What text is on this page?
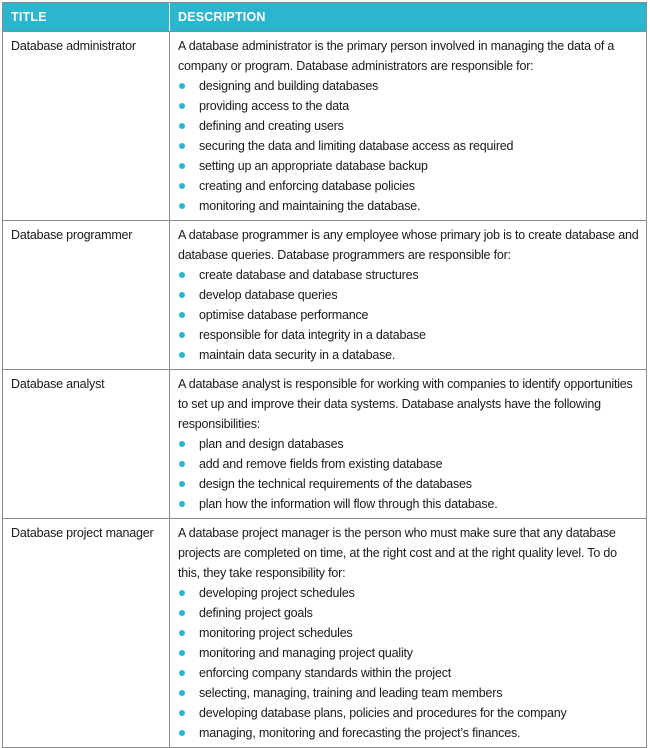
TITLE	DESCRIPTION
Database administrator	A database administrator is the primary person involved in managing the data of a company or program. Database administrators are responsible for:

designing and building databases
providing access to the data
defining and creating users
securing the data and limiting database access as required
setting up an appropriate database backup
creating and enforcing database policies
monitoring and maintaining the database.
Database programmer	A database programmer is any employee whose primary job is to create database and database queries. Database programmers are responsible for:

create database and database structures
develop database queries
optimise database performance
responsible for data integrity in a database
maintain data security in a database.
Database analyst	A database analyst is responsible for working with companies to identify opportunities to set up and improve their data systems. Database analysts have the following responsibilities:

plan and design databases
add and remove fields from existing database
design the technical requirements of the databases
plan how the information will flow through this database.
Database project manager	A database project manager is the person who must make sure that any database projects are completed on time, at the right cost and at the right quality level. To do this, they take responsibility for:

developing project schedules
defining project goals
monitoring project schedules
monitoring and managing project quality
enforcing company standards within the project
selecting, managing, training and leading team members
developing database plans, policies and procedures for the company
managing, monitoring and forecasting the project’s finances.
